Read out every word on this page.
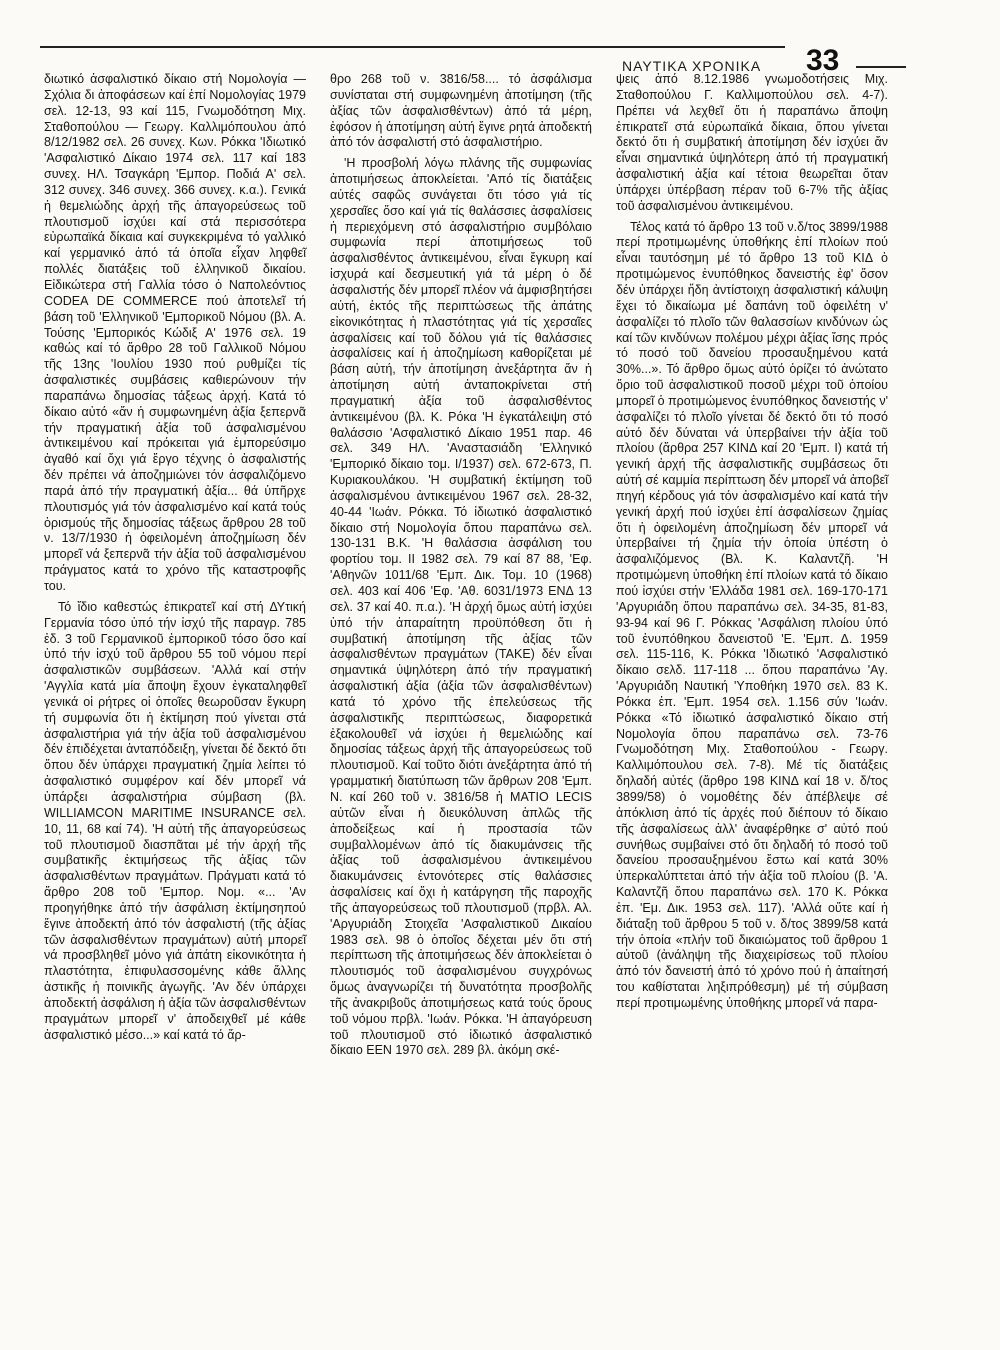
ΝΑΥΤΙΚΑ ΧΡΟΝΙΚΑ 33

διωτικό ἀσφαλιστικό δίκαιο στή Νομολογία — Σχόλια δι ἀποφάσεων καί ἐπί Νομολογίας 1979 σελ. 12-13, 93 καί 115, Γνωμοδότηση Μιχ. Σταθοπούλου — Γεωργ. Καλλιμόπουλου ἀπό 8/12/1982 σελ. 26 συνεχ. Κων. Ρόκκα 'Ιδιωτικό 'Ασφαλιστικό Δίκαιο 1974 σελ. 117 καί 183 συνεχ. ΗΛ. Τσαγκάρη 'Εμπορ. Ποδιά Α' σελ. 312 συνεχ. 346 συνεχ. 366 συνεχ. κ.α.). Γενικά ἡ θεμελιώδης ἀρχή τῆς ἀπαγορεύσεως τοῦ πλουτισμοῦ ἰσχύει καί στά περισσότερα εὐρωπαϊκά δίκαια καί συγκεκριμένα τό γαλλικό καί γερμανικό ἀπό τά ὁποῖα εἶχαν ληφθεῖ πολλές διατάξεις τοῦ ἑλληνικοῦ δικαίου. Εἰδικώτερα στή Γαλλία τόσο ὁ Ναπολεόντιος CODEA DE COMMERCE πού ἀποτελεῖ τή βάση τοῦ 'Ελληνικοῦ 'Εμπορικοῦ Νόμου (βλ. Α. Τούσης 'Εμπορικός Κώδιξ Α' 1976 σελ. 19 καθώς καί τό ἄρθρο 28 τοῦ Γαλλικοῦ Νόμου τῆς 13ης 'Ιουλίου 1930 πού ρυθμίζει τίς ἀσφαλιστικές συμβάσεις καθιερώνουν τήν παραπάνω δημοσίας τάξεως ἀρχή. Κατά τό δίκαιο αὐτό «ἄν ἡ συμφωνημένη ἀξία ξεπερνᾶ τήν πραγματική ἀξία τοῦ ἀσφαλισμένου ἀντικειμένου καί πρόκειται γιά ἐμπορεύσιμο ἀγαθό καί ὄχι γιά ἔργο τέχνης ὁ ἀσφαλιστής δέν πρέπει νά ἀποζημιώνει τόν ἀσφαλιζόμενο παρά ἀπό τήν πραγματική ἀξία... θά ὑπῆρχε πλουτισμός γιά τόν ἀσφαλισμένο καί κατά τούς ὁρισμούς τῆς δημοσίας τάξεως ἄρθρου 28 τοῦ ν. 13/7/1930 ἡ ὀφειλομένη ἀποζημίωση δέν μπορεῖ νά ξεπερνᾶ τήν ἀξία τοῦ ἀσφαλισμένου πράγματος κατά το χρόνο τῆς καταστροφῆς του.

Τό ἴδιο καθεστώς ἐπικρατεῖ καί στή ΔΥτική Γερμανία τόσο ὑπό τήν ἰσχύ τῆς παραγρ. 785 ἐδ. 3 τοῦ Γερμανικοῦ ἐμπορικοῦ τόσο ὅσο καί ὑπό τήν ἰσχύ τοῦ ἄρθρου 55 τοῦ νόμου περί ἀσφαλιστικῶν συμβάσεων. 'Αλλά καί στήν 'Αγγλία κατά μία ἄποψη ἔχουν ἐγκαταληφθεῖ γενικά οἱ ρήτρες οἱ ὁποῖες θεωροῦσαν ἔγκυρη τή συμφωνία ὅτι ἡ ἐκτίμηση πού γίνεται στά ἀσφαλιστήρια γιά τήν ἀξία τοῦ ἀσφαλισμένου δέν ἐπιδέχεται ἀνταπόδειξη, γίνεται δέ δεκτό ὅτι ὅπου δέν ὑπάρχει πραγματική ζημία λείπει τό ἀσφαλιστικό συμφέρον καί δέν μπορεῖ νά ὑπάρξει ἀσφαλιστήρια σύμβαση (βλ. WILLIAMCON MARITIME INSURANCE σελ. 10, 11, 68 καί 74). 'Η αὐτή τῆς ἀπαγορεύσεως τοῦ πλουτισμοῦ διασπᾶται μέ τήν ἀρχή τῆς συμβατικῆς ἐκτιμήσεως τῆς ἀξίας τῶν ἀσφαλισθέντων πραγμάτων. Πράγματι κατά τό ἄρθρο 208 τοῦ 'Εμπορ. Νομ. «... 'Αν προηγήθηκε ἀπό τήν ἀσφάλιση ἐκτίμησηπού ἔγινε ἀποδεκτή ἀπό τόν ἀσφαλιστή (τῆς ἀξίας τῶν ἀσφαλισθέντων πραγμάτων) αὐτή μπορεῖ νά προσβληθεῖ μόνο γιά ἀπάτη εἰκονικότητα ἡ πλαστότητα, ἐπιφυλασσομένης κάθε ἄλλης ἀστικῆς ἡ ποινικῆς ἀγωγῆς. 'Αν δέν ὑπάρχει ἀποδεκτή ἀσφάλιση ἡ ἀξία τῶν ἀσφαλισθέντων πραγμάτων μπορεῖ ν' ἀποδειχθεῖ μέ κάθε ἀσφαλιστικό μέσο...» καί κατά τό ἄρ-

θρο 268 τοῦ ν. 3816/58.... τό ἀσφάλισμα συνίσταται στή συμφωνημένη ἀποτίμηση (τῆς ἀξίας τῶν ἀσφαλισθέντων) ἀπό τά μέρη, ἐφόσον ἡ ἀποτίμηση αὐτή ἔγινε ρητά ἀποδεκτή ἀπό τόν ἀσφαλιστή στό ἀσφαλιστήριο.

'Η προσβολή λόγω πλάνης τῆς συμφωνίας ἀποτιμήσεως ἀποκλείεται. 'Από τίς διατάξεις αὐτές σαφῶς συνάγεται ὅτι τόσο γιά τίς χερσαῖες ὅσο καί γιά τίς θαλάσσιες ἀσφαλίσεις ἡ περιεχόμενη στό ἀσφαλιστήριο συμβόλαιο συμφωνία περί ἀποτιμήσεως τοῦ ἀσφαλισθέντος ἀντικειμένου, εἶναι ἔγκυρη καί ἰσχυρά καί δεσμευτική γιά τά μέρη ὁ δέ ἀσφαλιστής δέν μπορεῖ πλέον νά ἀμφισβητήσει αὐτή, ἐκτός τῆς περιπτώσεως τῆς ἀπάτης εἰκονικότητας ἡ πλαστότητας γιά τίς χερσαῖες ἀσφαλίσεις καί τοῦ δόλου γιά τίς θαλάσσιες ἀσφαλίσεις καί ἡ ἀποζημίωση καθορίζεται μέ βάση αὐτή, τήν ἀποτίμηση ἀνεξάρτητα ἄν ἡ ἀποτίμηση αὐτή ἀνταποκρίνεται στή πραγματική ἀξία τοῦ ἀσφαλισθέντος ἀντικειμένου (βλ. Κ. Ρόκα 'Η ἐγκατάλειψη στό θαλάσσιο 'Ασφαλιστικό Δίκαιο 1951 παρ. 46 σελ. 349 ΗΛ. 'Αναστασιάδη 'Ελληνικό 'Εμπορικό δίκαιο τομ. Ι/1937) σελ. 672-673, Π. Κυριακουλάκου. 'Η συμβατική ἐκτίμηση τοῦ ἀσφαλισμένου ἀντικειμένου 1967 σελ. 28-32, 40-44 'Ιωάν. Ρόκκα. Τό ἰδιωτικό ἀσφαλιστικό δίκαιο στή Νομολογία ὅπου παραπάνω σελ. 130-131 Β.Κ. 'Η θαλάσσια ἀσφάλιση του φορτίου τομ. ΙΙ 1982 σελ. 79 καί 87 88, 'Εφ. 'Αθηνῶν 1011/68 'Εμπ. Δικ. Τομ. 10 (1968) σελ. 403 καί 406 'Εφ. 'Αθ. 6031/1973 ΕΝΔ 13 σελ. 37 καί 40. π.α.). 'Η ἀρχή ὅμως αὐτή ἰσχύει ὑπό τήν ἀπαραίτητη προϋπόθεση ὅτι ἡ συμβατική ἀποτίμηση τῆς ἀξίας τῶν ἀσφαλισθέντων πραγμάτων (ΤΑΚΕ) δέν εἶναι σημαντικά ὑψηλότερη ἀπό τήν πραγματική ἀσφαλιστική ἀξία (ἀξία τῶν ἀσφαλισθέντων) κατά τό χρόνο τῆς ἐπελεύσεως τῆς ἀσφαλιστικῆς περιπτώσεως, διαφορετικά ἐξακολουθεῖ νά ἰσχύει ἡ θεμελιώδης καί δημοσίας τάξεως ἀρχή τῆς ἀπαγορεύσεως τοῦ πλουτισμοῦ. Καί τοῦτο διότι ἀνεξάρτητα ἀπό τή γραμματική διατύπωση τῶν ἄρθρων 208 'Εμπ. Ν. καί 260 τοῦ ν. 3816/58 ἡ ΜΑΤΙΟ LECIS αὐτῶν εἶναι ἡ διευκόλυνση ἁπλῶς τῆς ἀποδείξεως καί ἡ προστασία τῶν συμβαλλομένων ἀπό τίς διακυμάνσεις τῆς ἀξίας τοῦ ἀσφαλισμένου ἀντικειμένου διακυμάνσεις ἐντονότερες στίς θαλάσσιες ἀσφαλίσεις καί ὄχι ἡ κατάργηση τῆς παροχῆς τῆς ἀπαγορεύσεως τοῦ πλουτισμοῦ (πρβλ. Αλ. 'Αργυριάδη Στοιχεῖα 'Ασφαλιστικοῦ Δικαίου 1983 σελ. 98 ὁ ὁποῖος δέχεται μέν ὅτι στή περίπτωση τῆς ἀποτιμήσεως δέν ἀποκλείεται ὁ πλουτισμός τοῦ ἀσφαλισμένου συγχρόνως ὅμως ἀναγνωρίζει τή δυνατότητα προσβολῆς τῆς ἀνακριβοῦς ἀποτιμήσεως κατά τούς ὅρους τοῦ νόμου πρβλ. 'Ιωάν. Ρόκκα. 'Η ἀπαγόρευση τοῦ πλουτισμοῦ στό ἰδιωτικό ἀσφαλιστικό δίκαιο ΕΕΝ 1970 σελ. 289 βλ. ἀκόμη σκέ-

ψεις ἀπό 8.12.1986 γνωμοδοτήσεις Μιχ. Σταθοπούλου Γ. Καλλιμοπούλου σελ. 4-7). Πρέπει νά λεχθεῖ ὅτι ἡ παραπάνω ἄποψη ἐπικρατεῖ στά εὐρωπαϊκά δίκαια, ὅπου γίνεται δεκτό ὅτι ἡ συμβατική ἀποτίμηση δέν ἰσχύει ἄν εἶναι σημαντικά ὑψηλότερη ἀπό τή πραγματική ἀσφαλιστική ἀξία καί τέτοια θεωρεῖται ὅταν ὑπάρχει ὑπέρβαση πέραν τοῦ 6-7% τῆς ἀξίας τοῦ ἀσφαλισμένου ἀντικειμένου.

Τέλος κατά τό ἄρθρο 13 τοῦ ν.δ/τος 3899/1988 περί προτιμωμένης ὑποθήκης ἐπί πλοίων πού εἶναι ταυτόσημη μέ τό ἄρθρο 13 τοῦ ΚΙΔ ὁ προτιμώμενος ἐνυπόθηκος δανειστής ἐφ' ὅσον δέν ὑπάρχει ἤδη ἀντίστοιχη ἀσφαλιστική κάλυψη ἔχει τό δικαίωμα μέ δαπάνη τοῦ ὀφειλέτη ν' ἀσφαλίζει τό πλοῖο τῶν θαλασσίων κινδύνων ὡς καί τῶν κινδύνων πολέμου μέχρι ἀξίας ἴσης πρός τό ποσό τοῦ δανείου προσαυξημένου κατά 30%...». Τό ἄρθρο ὅμως αὐτό ὁρίζει τό ἀνώτατο ὅριο τοῦ ἀσφαλιστικοῦ ποσοῦ μέχρι τοῦ ὁποίου μπορεῖ ὁ προτιμώμενος ἐνυπόθηκος δανειστής ν' ἀσφαλίζει τό πλοῖο γίνεται δέ δεκτό ὅτι τό ποσό αὐτό δέν δύναται νά ὑπερβαίνει τήν ἀξία τοῦ πλοίου (ἄρθρα 257 ΚΙΝΔ καί 20 'Εμπ. Ι) κατά τή γενική ἀρχή τῆς ἀσφαλιστικῆς συμβάσεως ὅτι αὐτή σέ καμμία περίπτωση δέν μπορεῖ νά ἀποβεῖ πηγή κέρδους γιά τόν ἀσφαλισμένο καί κατά τήν γενική ἀρχή πού ἰσχύει ἐπί ἀσφαλίσεων ζημίας ὅτι ἡ ὀφειλομένη ἀποζημίωση δέν μπορεῖ νά ὑπερβαίνει τή ζημία τήν ὁποία ὑπέστη ὁ ἀσφαλιζόμενος (Βλ. Κ. Καλαντζῆ. 'Η προτιμώμενη ὑποθήκη ἐπί πλοίων κατά τό δίκαιο πού ἰσχύει στήν 'Ελλάδα 1981 σελ. 169-170-171 'Αργυριάδη ὅπου παραπάνω σελ. 34-35, 81-83, 93-94 καί 96 Γ. Ρόκκας 'Ασφάλιση πλοίου ὑπό τοῦ ἐνυπόθηκου δανειστοῦ 'Ε. 'Εμπ. Δ. 1959 σελ. 115-116, Κ. Ρόκκα 'Ιδιωτικό 'Ασφαλιστικό δίκαιο σελδ. 117-118 ... ὅπου παραπάνω 'Αγ. 'Αργυριάδη Ναυτική 'Υποθήκη 1970 σελ. 83 Κ. Ρόκκα ἐπ. 'Εμπ. 1954 σελ. 1.156 σύν 'Ιωάν. Ρόκκα «Τό ἰδιωτικό ἀσφαλιστικό δίκαιο στή Νομολογία ὅπου παραπάνω σελ. 73-76 Γνωμοδότηση Μιχ. Σταθοπούλου - Γεωργ. Καλλιμόπουλου σελ. 7-8). Μέ τίς διατάξεις δηλαδή αὐτές (ἄρθρο 198 ΚΙΝΔ καί 18 ν. δ/τος 3899/58) ὁ νομοθέτης δέν ἀπέβλεψε σέ ἀπόκλιση ἀπό τίς ἀρχές πού διέπουν τό δίκαιο τῆς ἀσφαλίσεως ἀλλ' ἀναφέρθηκε σ' αὐτό πού συνήθως συμβαίνει στό ὅτι δηλαδή τό ποσό τοῦ δανείου προσαυξημένου ἔστω καί κατά 30% ὑπερκαλύπτεται ἀπό τήν ἀξία τοῦ πλοίου (β. 'Α. Καλαντζῆ ὅπου παραπάνω σελ. 170 Κ. Ρόκκα ἐπ. 'Εμ. Δικ. 1953 σελ. 117). 'Αλλά οὔτε καί ἡ διάταξη τοῦ ἄρθρου 5 τοῦ ν. δ/τος 3899/58 κατά τήν ὁποία «πλήν τοῦ δικαιώματος τοῦ ἄρθρου 1 αὐτοῦ (ἀνάληψη τῆς διαχειρίσεως τοῦ πλοίου ἀπό τόν δανειστή ἀπό τό χρόνο πού ἡ ἀπαίτησή του καθίσταται ληξιπρόθεσμη) μέ τή σύμβαση περί προτιμωμένης ὑποθήκης μπορεῖ νά παρα-
